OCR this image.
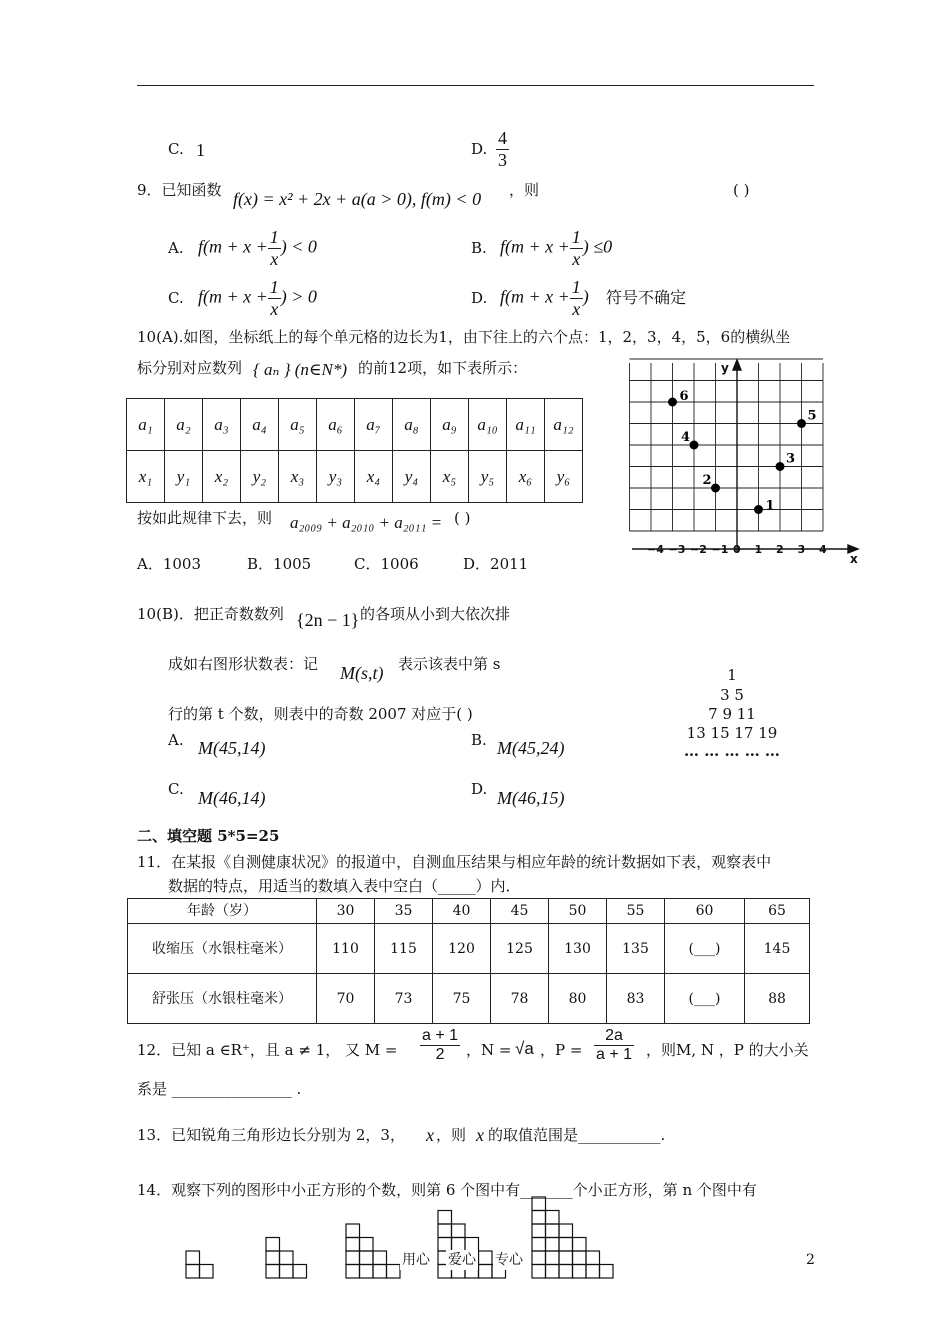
C. 1	D. $\frac{4}{3}$
9．已知函数 f(x) = x² + 2x + a(a > 0), f(m) < 0 ，则	( )
A. $f(m + x + \frac{1}{x}$ ) < 0	B. $f(m + x + \frac{1}{x}$ ) ≤0
C. $f(m + x + \frac{1}{x}$ ) > 0	D. $f(m + x + \frac{1}{x}$ ) 符号不确定
10(A).如图，坐标纸上的每个单元格的边长为1，由下往上的六个点：1，2，3，4，5，6的横纵坐
标分别对应数列 { aₙ } (n∈N*) 的前12项，如下表所示：
a₁	a₂	a₃	a₄	a₅	a₆	a₇	a₈	a₉	a₁₀	a₁₁	a₁₂
x₁	y₁	x₂	y₂	x₃	y₃	x₄	y₄	x₅	y₅	x₆	y₆
按如此规律下去，则 a₂₀₀₉ + a₂₀₁₀ + a₂₀₁₁ = ( )
A．1003	B．1005	C．1006	D．2011
−4 −3 −2 −1 0 1 2 3 4
x
y
1
2
3
4
5
6
10(B)．把正奇数数列 {2n − 1} 的各项从小到大依次排
成如右图形状数表：记 M(s,t) 表示该表中第 s
行的第 t 个数，则表中的奇数 2007 对应于( )
A. M(45,14)	B. M(45,24)
C. M(46,14)	D. M(46,15)
1
3 5
7 9 11
13 15 17 19
… … … … …
二、填空题 5*5=25
11．在某报《自测健康状况》的报道中，自测血压结果与相应年龄的统计数据如下表，观察表中
数据的特点，用适当的数填入表中空白（_____）内．
年龄（岁）	30	35	40	45	50	55	60	65
收缩压（水银柱毫米）	110	115	120	125	130	135	(___)	145
舒张压（水银柱毫米）	70	73	75	78	80	83	(___)	88
12．已知 a ∈R⁺，且 a ≠ 1， 又 $M = \frac{a + 1}{2}$ ，N = √a ，$P = \frac{2a}{a + 1}$ ，则M, N ，P 的大小关
系是 ________________ .
13．已知锐角三角形边长分别为 2，3， x ，则 x 的取值范围是___________.
14．观察下列的图形中小正方形的个数，则第 6 个图中有_______个小正方形，第 n 个图中有
用心 爱心 专心	2
